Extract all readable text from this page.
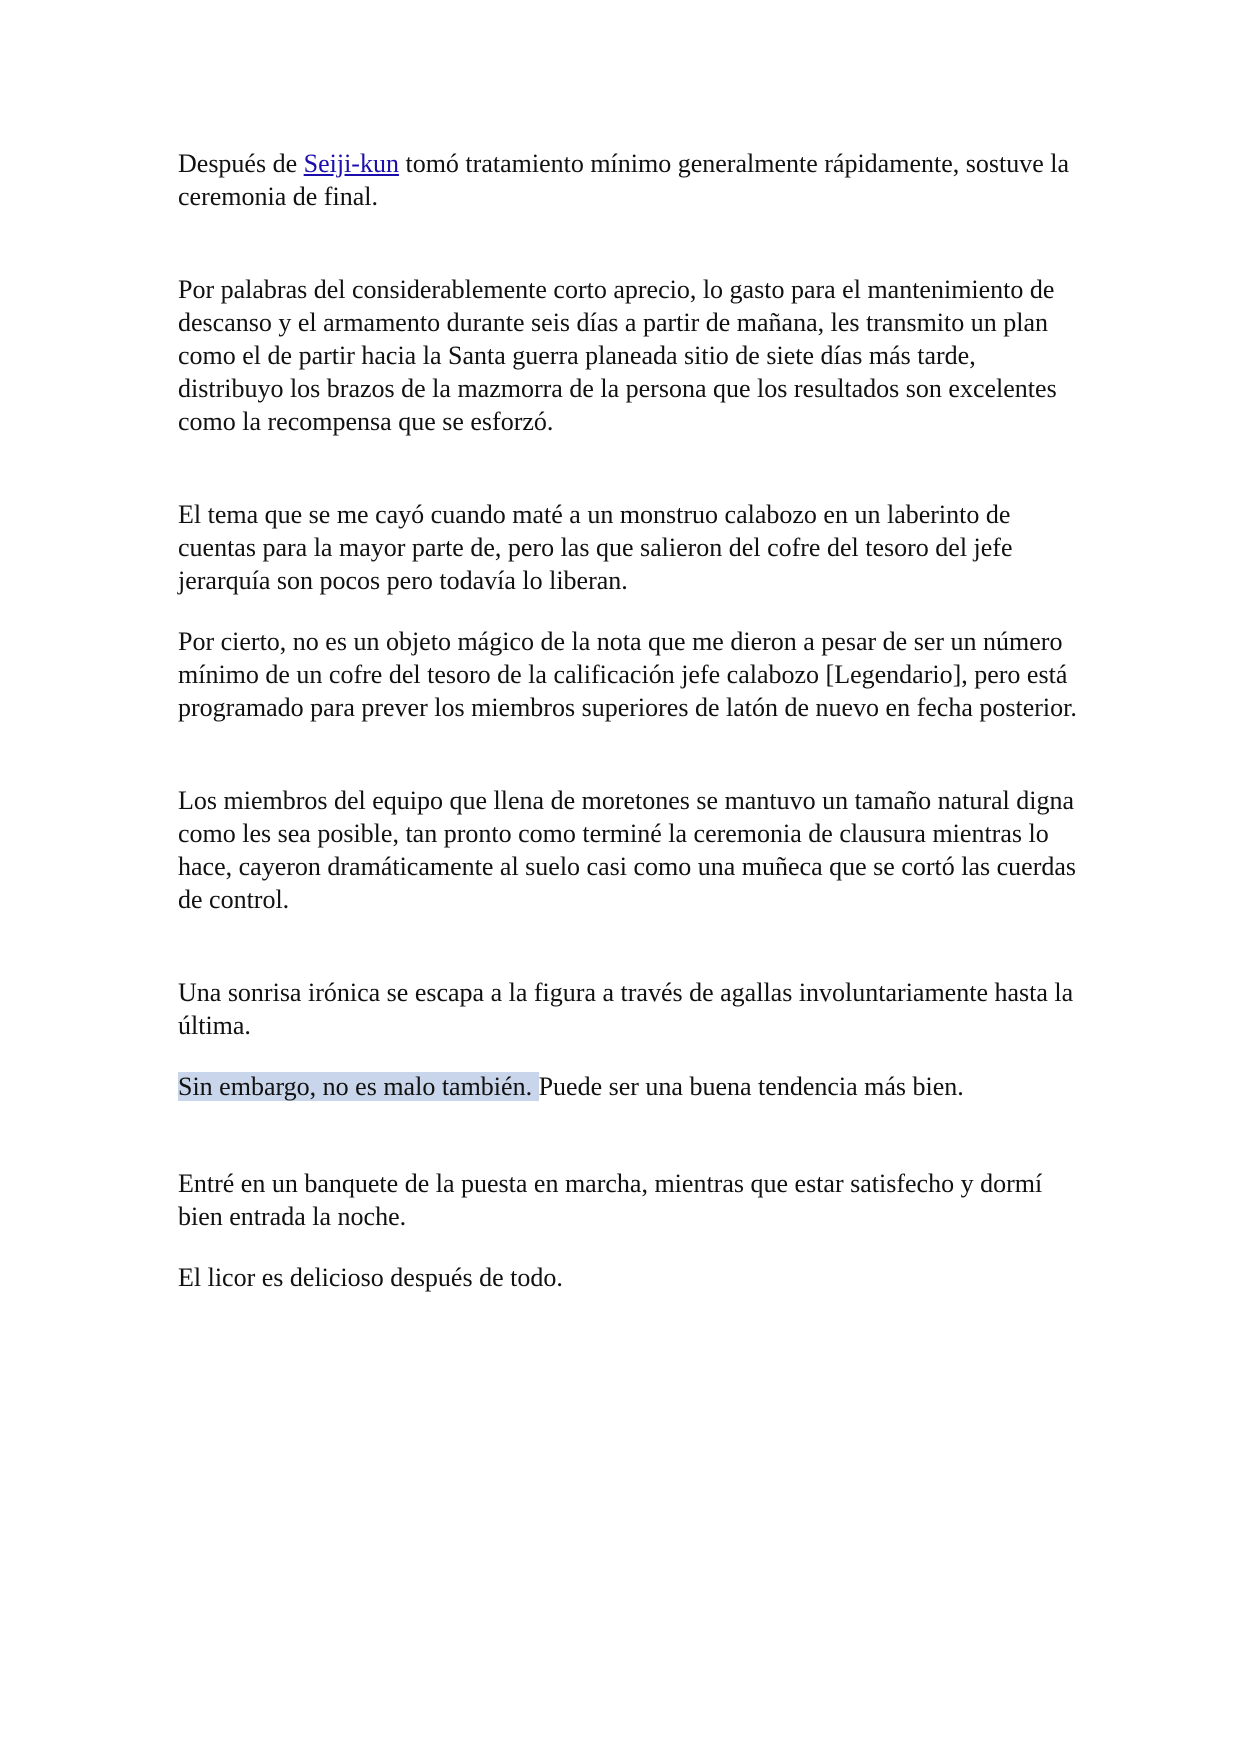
Después de Seiji-kun tomó tratamiento mínimo generalmente rápidamente, sostuve la ceremonia de final.

Por palabras del considerablemente corto aprecio, lo gasto para el mantenimiento de descanso y el armamento durante seis días a partir de mañana, les transmito un plan como el de partir hacia la Santa guerra planeada sitio de siete días más tarde, distribuyo los brazos de la mazmorra de la persona que los resultados son excelentes como la recompensa que se esforzó.

El tema que se me cayó cuando maté a un monstruo calabozo en un laberinto de cuentas para la mayor parte de, pero las que salieron del cofre del tesoro del jefe jerarquía son pocos pero todavía lo liberan.

Por cierto, no es un objeto mágico de la nota que me dieron a pesar de ser un número mínimo de un cofre del tesoro de la calificación jefe calabozo [Legendario], pero está programado para prever los miembros superiores de latón de nuevo en fecha posterior.

Los miembros del equipo que llena de moretones se mantuvo un tamaño natural digna como les sea posible, tan pronto como terminé la ceremonia de clausura mientras lo hace, cayeron dramáticamente al suelo casi como una muñeca que se cortó las cuerdas de control.

Una sonrisa irónica se escapa a la figura a través de agallas involuntariamente hasta la última.

Sin embargo, no es malo también. Puede ser una buena tendencia más bien.

Entré en un banquete de la puesta en marcha, mientras que estar satisfecho y dormí bien entrada la noche.

El licor es delicioso después de todo.
